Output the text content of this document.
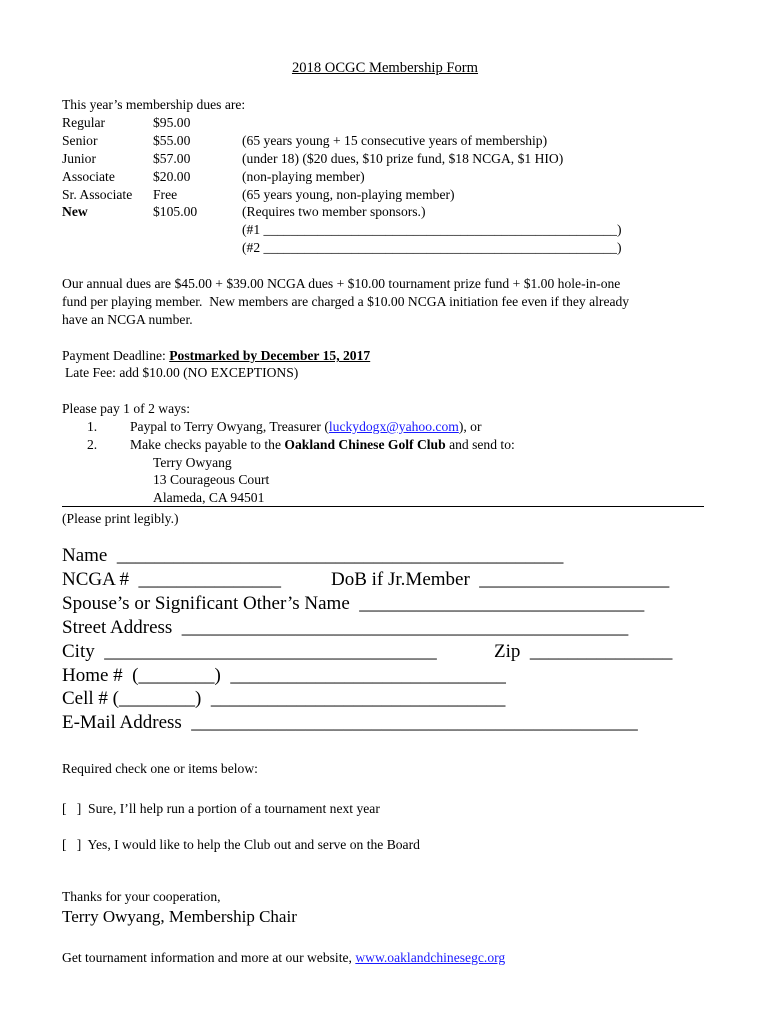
2018 OCGC Membership Form
This year’s membership dues are:
Regular	$95.00
Senior	$55.00	(65 years young + 15 consecutive years of membership)
Junior	$57.00	(under 18) ($20 dues, $10 prize fund, $18 NCGA, $1 HIO)
Associate	$20.00	(non-playing member)
Sr. Associate Free	(65 years young, non-playing member)
New	$105.00	(Requires two member sponsors.)
(#1 ____________________________________________________)
(#2 ____________________________________________________)
Our annual dues are $45.00 + $39.00 NCGA dues + $10.00 tournament prize fund + $1.00 hole-in-one
fund per playing member.  New members are charged a $10.00 NCGA initiation fee even if they already
have an NCGA number.
Payment Deadline: Postmarked by December 15, 2017
Late Fee: add $10.00 (NO EXCEPTIONS)
Please pay 1 of 2 ways:
1. Paypal to Terry Owyang, Treasurer (luckydogx@yahoo.com), or
2. Make checks payable to the Oakland Chinese Golf Club and send to:
Terry Owyang
13 Courageous Court
Alameda, CA 94501
(Please print legibly.)
Name  _______________________________________________
NCGA #  _______________	DoB if Jr.Member  ____________________
Spouse’s or Significant Other’s Name  ______________________________
Street Address  _______________________________________________
City  ___________________________________	Zip  _______________
Home #  (________)  _____________________________
Cell # (________)  _______________________________
E-Mail Address  _______________________________________________
Required check one or items below:
[   ]  Sure, I’ll help run a portion of a tournament next year
[   ]  Yes, I would like to help the Club out and serve on the Board
Thanks for your cooperation,
Terry Owyang, Membership Chair
Get tournament information and more at our website, www.oaklandchinesegc.org
